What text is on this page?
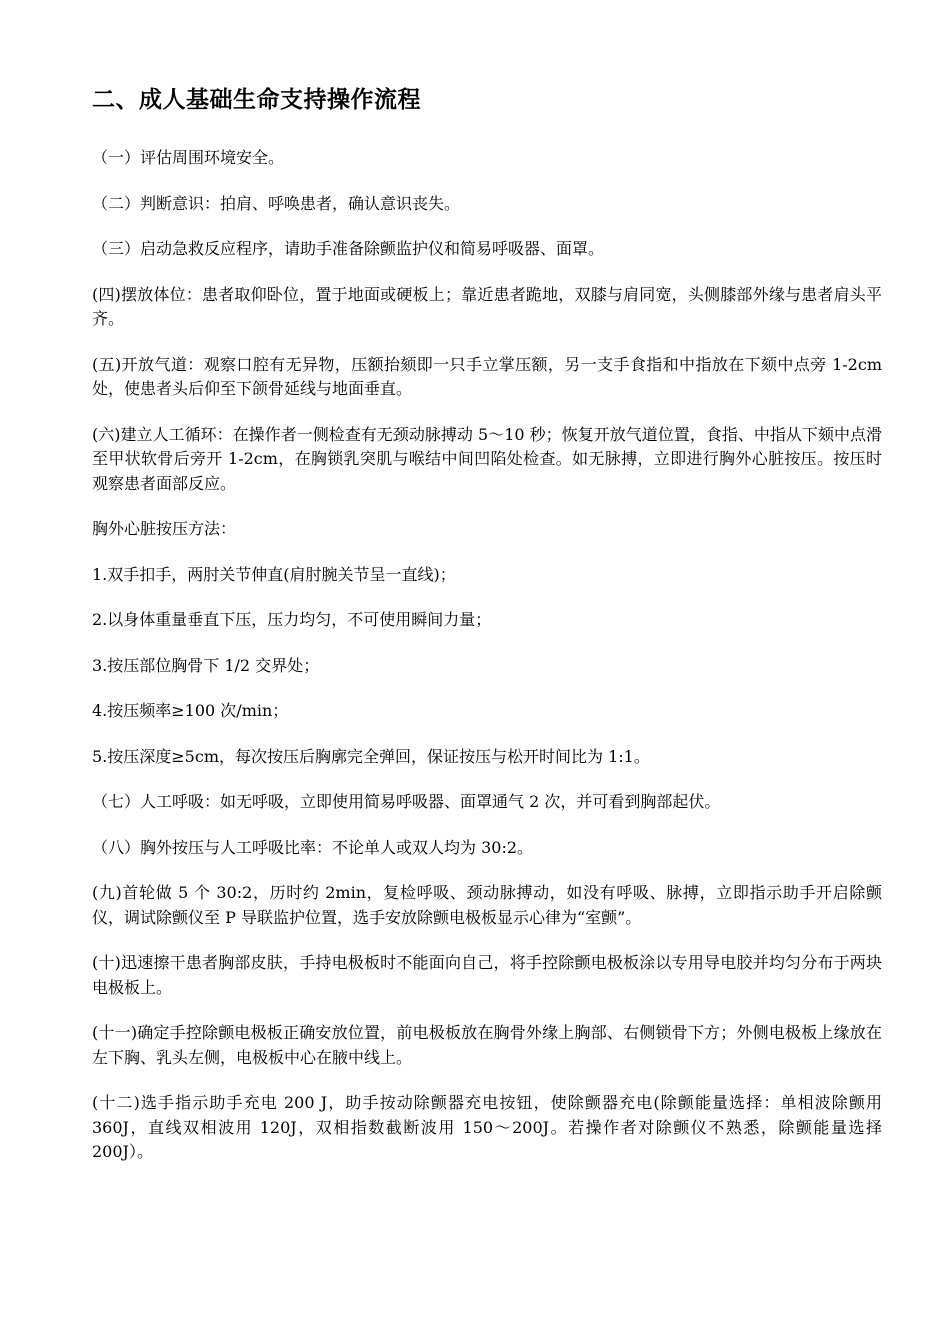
二、成人基础生命支持操作流程

（一）评估周围环境安全。

（二）判断意识：拍肩、呼唤患者，确认意识丧失。

（三）启动急救反应程序，请助手准备除颤监护仪和简易呼吸器、面罩。

(四)摆放体位：患者取仰卧位，置于地面或硬板上；靠近患者跪地，双膝与肩同宽，头侧膝部外缘与患者肩头平齐。

(五)开放气道：观察口腔有无异物，压额抬颏即一只手立掌压额，另一支手食指和中指放在下颏中点旁 1-2cm 处，使患者头后仰至下颌骨延线与地面垂直。

(六)建立人工循环：在操作者一侧检查有无颈动脉搏动 5～10 秒；恢复开放气道位置，食指、中指从下颏中点滑至甲状软骨后旁开 1-2cm，在胸锁乳突肌与喉结中间凹陷处检查。如无脉搏，立即进行胸外心脏按压。按压时观察患者面部反应。

胸外心脏按压方法：

1.双手扣手，两肘关节伸直(肩肘腕关节呈一直线)；

2.以身体重量垂直下压，压力均匀，不可使用瞬间力量；

3.按压部位胸骨下 1/2 交界处；

4.按压频率≥100 次/min；

5.按压深度≥5cm，每次按压后胸廓完全弹回，保证按压与松开时间比为 1:1。

（七）人工呼吸：如无呼吸，立即使用简易呼吸器、面罩通气 2 次，并可看到胸部起伏。

（八）胸外按压与人工呼吸比率：不论单人或双人均为 30:2。

(九)首轮做 5 个 30:2，历时约 2min，复检呼吸、颈动脉搏动，如没有呼吸、脉搏，立即指示助手开启除颤仪，调试除颤仪至 P 导联监护位置，选手安放除颤电极板显示心律为“室颤”。

(十)迅速擦干患者胸部皮肤，手持电极板时不能面向自己，将手控除颤电极板涂以专用导电胶并均匀分布于两块电极板上。

(十一)确定手控除颤电极板正确安放位置，前电极板放在胸骨外缘上胸部、右侧锁骨下方；外侧电极板上缘放在左下胸、乳头左侧，电极板中心在腋中线上。

(十二)选手指示助手充电 200 J，助手按动除颤器充电按钮，使除颤器充电(除颤能量选择：单相波除颤用 360J，直线双相波用 120J，双相指数截断波用 150～200J。若操作者对除颤仪不熟悉，除颤能量选择 200J）。
